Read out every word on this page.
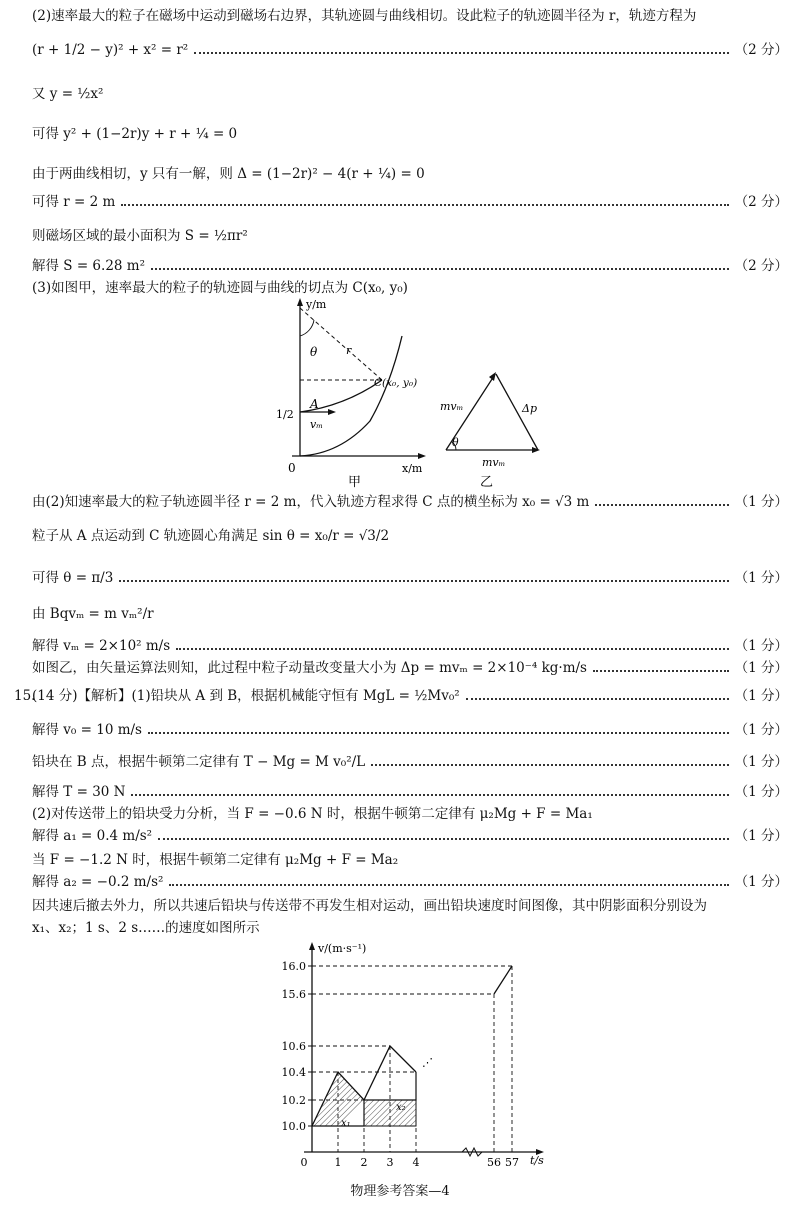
(2)速率最大的粒子在磁场中运动到磁场右边界，其轨迹圆与曲线相切。设此粒子的轨迹圆半径为 r，轨迹方程为
(r + 1/2 − y)² + x² = r²	（2 分）
又 y = ½x²
可得 y² + (1−2r)y + r + ¼ = 0
由于两曲线相切，y 只有一解，则 Δ = (1−2r)² − 4(r + ¼) = 0
可得 r = 2 m	（2 分）
则磁场区域的最小面积为 S = ½πr²
解得 S = 6.28 m²	（2 分）
(3)如图甲，速率最大的粒子的轨迹圆与曲线的切点为 C(x₀, y₀)
y/m
x/m
0
1/2
A
vₘ
θ	r
C(x₀, y₀)
甲
mvₘ	Δp
mvₘ
θ
乙
由(2)知速率最大的粒子轨迹圆半径 r = 2 m，代入轨迹方程求得 C 点的横坐标为 x₀ = √3 m	（1 分）
粒子从 A 点运动到 C 轨迹圆心角满足 sin θ = x₀/r = √3/2
可得 θ = π/3	（1 分）
由 Bqvₘ = m vₘ²/r
解得 vₘ = 2×10² m/s	（1 分）
如图乙，由矢量运算法则知，此过程中粒子动量改变量大小为 Δp = mvₘ = 2×10⁻⁴ kg·m/s	（1 分）
15.
(14 分)【解析】(1)铅块从 A 到 B，根据机械能守恒有 MgL = ½Mv₀²	（1 分）
解得 v₀ = 10 m/s	（1 分）
铅块在 B 点，根据牛顿第二定律有 T − Mg = M v₀²/L	（1 分）
解得 T = 30 N	（1 分）
(2)对传送带上的铅块受力分析，当 F = −0.6 N 时，根据牛顿第二定律有 μ₂Mg + F = Ma₁
解得 a₁ = 0.4 m/s²	（1 分）
当 F = −1.2 N 时，根据牛顿第二定律有 μ₂Mg + F = Ma₂
解得 a₂ = −0.2 m/s²	（1 分）
因共速后撤去外力，所以共速后铅块与传送带不再发生相对运动，画出铅块速度时间图像，其中阴影面积分别设为
x₁、x₂；1 s、2 s……的速度如图所示
⋰
10.0
10.2
10.4
10.6
15.6
16.0
0 1 2 3 4	56 57
v/(m·s⁻¹)
t/s
x₁
x₂
物理参考答案—4
